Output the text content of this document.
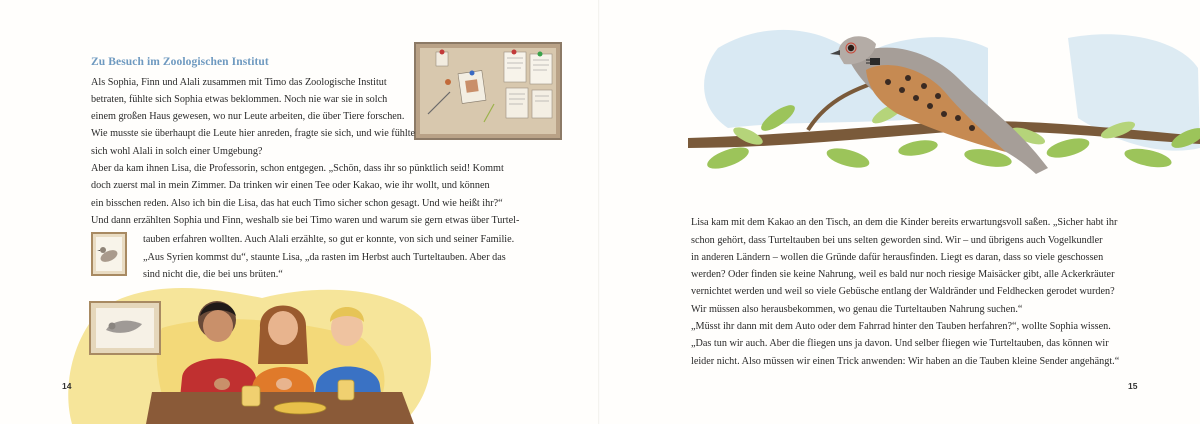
Zu Besuch im Zoologischen Institut
Als Sophia, Finn und Alali zusammen mit Timo das Zoologische Institut
betraten, fühlte sich Sophia etwas beklommen. Noch nie war sie in solch
einem großen Haus gewesen, wo nur Leute arbeiten, die über Tiere forschen.
Wie musste sie überhaupt die Leute hier anreden, fragte sie sich, und wie fühlte
sich wohl Alali in solch einer Umgebung?
Aber da kam ihnen Lisa, die Professorin, schon entgegen. „Schön, dass ihr so pünktlich seid! Kommt
doch zuerst mal in mein Zimmer. Da trinken wir einen Tee oder Kakao, wie ihr wollt, und können
ein bisschen reden. Also ich bin die Lisa, das hat euch Timo sicher schon gesagt. Und wie heißt ihr?“
Und dann erzählten Sophia und Finn, weshalb sie bei Timo waren und warum sie gern etwas über Turtel-
tauben erfahren wollten. Auch Alali erzählte, so gut er konnte, von sich und seiner Familie.
„Aus Syrien kommst du“, staunte Lisa, „da rasten im Herbst auch Turteltauben. Aber das
sind nicht die, die bei uns brüten.“
14
Lisa kam mit dem Kakao an den Tisch, an dem die Kinder bereits erwartungsvoll saßen. „Sicher habt ihr
schon gehört, dass Turteltauben bei uns selten geworden sind. Wir – und übrigens auch Vogelkundler
in anderen Ländern – wollen die Gründe dafür herausfinden. Liegt es daran, dass so viele geschossen
werden? Oder finden sie keine Nahrung, weil es bald nur noch riesige Maisäcker gibt, alle Ackerkräuter
vernichtet werden und weil so viele Gebüsche entlang der Waldränder und Feldhecken gerodet wurden?
Wir müssen also herausbekommen, wo genau die Turteltauben Nahrung suchen.“
„Müsst ihr dann mit dem Auto oder dem Fahrrad hinter den Tauben herfahren?“, wollte Sophia wissen.
„Das tun wir auch. Aber die fliegen uns ja davon. Und selber fliegen wie Turteltauben, das können wir
leider nicht. Also müssen wir einen Trick anwenden: Wir haben an die Tauben kleine Sender angehängt.“
15
